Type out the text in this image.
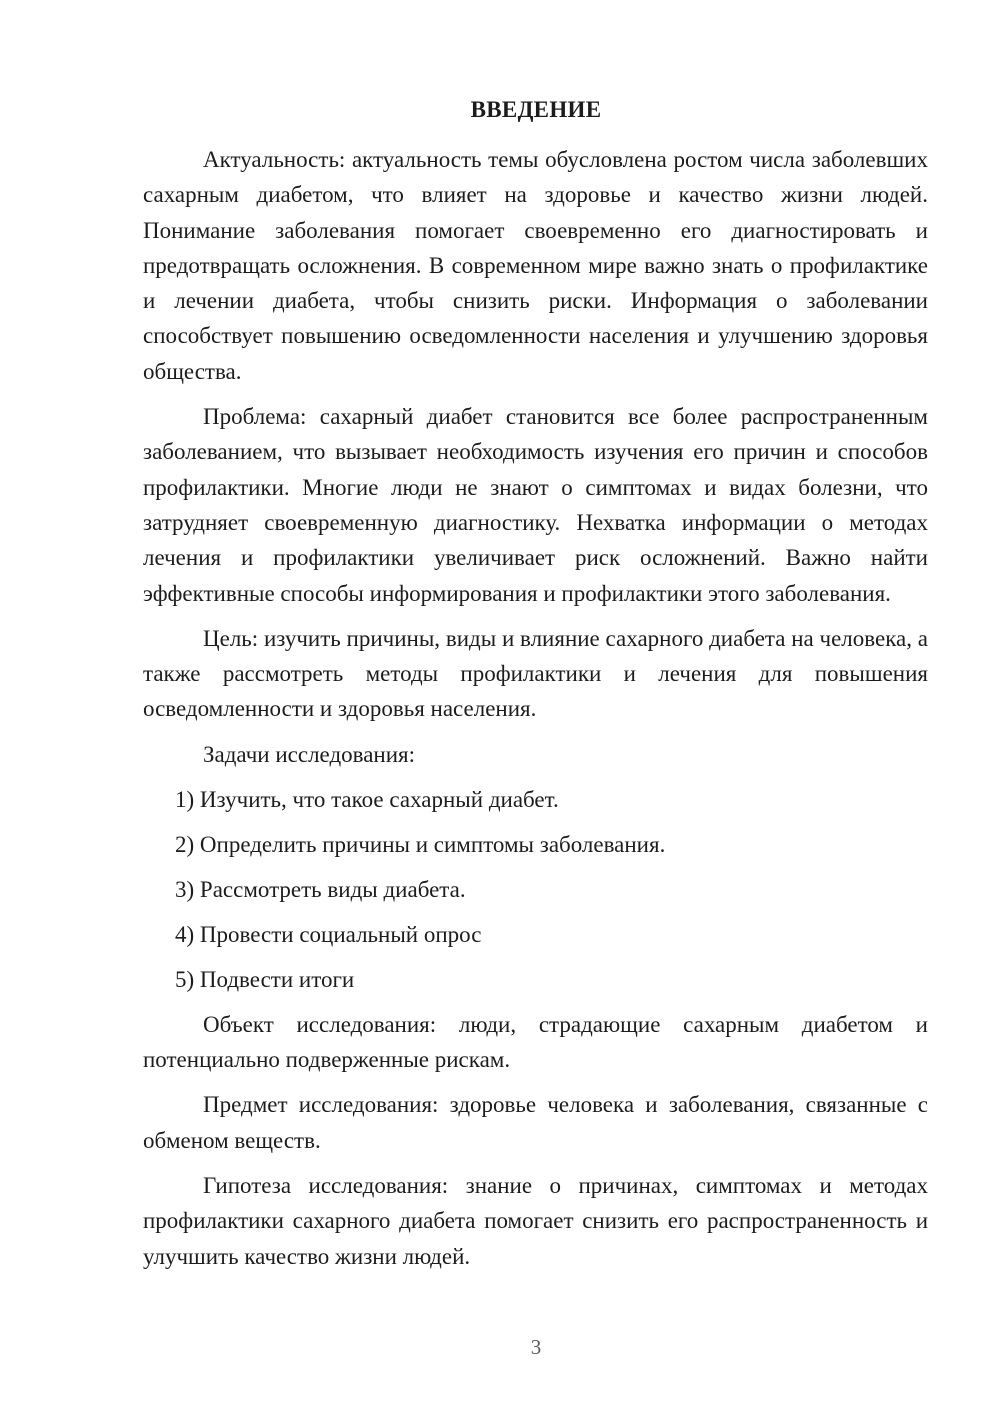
ВВЕДЕНИЕ

Актуальность: актуальность темы обусловлена ростом числа заболевших сахарным диабетом, что влияет на здоровье и качество жизни людей. Понимание заболевания помогает своевременно его диагностировать и предотвращать осложнения. В современном мире важно знать о профилактике и лечении диабета, чтобы снизить риски. Информация о заболевании способствует повышению осведомленности населения и улучшению здоровья общества.

Проблема: сахарный диабет становится все более распространенным заболеванием, что вызывает необходимость изучения его причин и способов профилактики. Многие люди не знают о симптомах и видах болезни, что затрудняет своевременную диагностику. Нехватка информации о методах лечения и профилактики увеличивает риск осложнений. Важно найти эффективные способы информирования и профилактики этого заболевания.

Цель: изучить причины, виды и влияние сахарного диабета на человека, а также рассмотреть методы профилактики и лечения для повышения осведомленности и здоровья населения.

Задачи исследования:

1) Изучить, что такое сахарный диабет.
2) Определить причины и симптомы заболевания.
3) Рассмотреть виды диабета.
4) Провести социальный опрос
5) Подвести итоги

Объект исследования: люди, страдающие сахарным диабетом и потенциально подверженные рискам.

Предмет исследования: здоровье человека и заболевания, связанные с обменом веществ.

Гипотеза исследования: знание о причинах, симптомах и методах профилактики сахарного диабета помогает снизить его распространенность и улучшить качество жизни людей.

3
